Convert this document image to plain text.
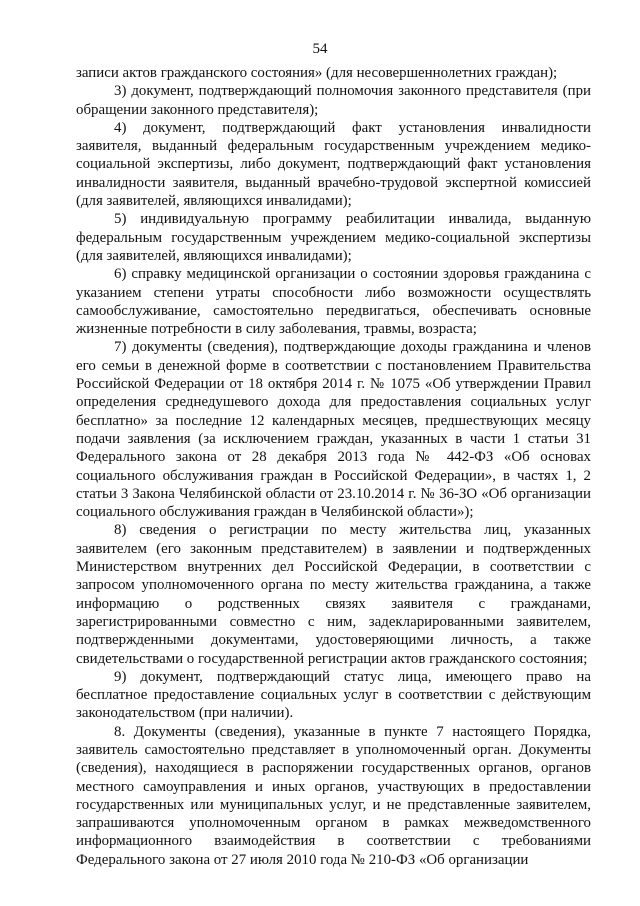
54

записи актов гражданского состояния» (для несовершеннолетних граждан);

3) документ, подтверждающий полномочия законного представителя (при обращении законного представителя);

4) документ, подтверждающий факт установления инвалидности заявителя, выданный федеральным государственным учреждением медико-социальной экспертизы, либо документ, подтверждающий факт установления инвалидности заявителя, выданный врачебно-трудовой экспертной комиссией (для заявителей, являющихся инвалидами);

5) индивидуальную программу реабилитации инвалида, выданную федеральным государственным учреждением медико-социальной экспертизы (для заявителей, являющихся инвалидами);

6) справку медицинской организации о состоянии здоровья гражданина с указанием степени утраты способности либо возможности осуществлять самообслуживание, самостоятельно передвигаться, обеспечивать основные жизненные потребности в силу заболевания, травмы, возраста;

7) документы (сведения), подтверждающие доходы гражданина и членов его семьи в денежной форме в соответствии с постановлением Правительства Российской Федерации от 18 октября 2014 г. № 1075 «Об утверждении Правил определения среднедушевого дохода для предоставления социальных услуг бесплатно» за последние 12 календарных месяцев, предшествующих месяцу подачи заявления (за исключением граждан, указанных в части 1 статьи 31 Федерального закона от 28 декабря 2013 года № 442-ФЗ «Об основах социального обслуживания граждан в Российской Федерации», в частях 1, 2 статьи 3 Закона Челябинской области от 23.10.2014 г. № 36-ЗО «Об организации социального обслуживания граждан в Челябинской области»);

8) сведения о регистрации по месту жительства лиц, указанных заявителем (его законным представителем) в заявлении и подтвержденных Министерством внутренних дел Российской Федерации, в соответствии с запросом уполномоченного органа по месту жительства гражданина, а также информацию о родственных связях заявителя с гражданами, зарегистрированными совместно с ним, задекларированными заявителем, подтвержденными документами, удостоверяющими личность, а также свидетельствами о государственной регистрации актов гражданского состояния;

9) документ, подтверждающий статус лица, имеющего право на бесплатное предоставление социальных услуг в соответствии с действующим законодательством (при наличии).

8. Документы (сведения), указанные в пункте 7 настоящего Порядка, заявитель самостоятельно представляет в уполномоченный орган. Документы (сведения), находящиеся в распоряжении государственных органов, органов местного самоуправления и иных органов, участвующих в предоставлении государственных или муниципальных услуг, и не представленные заявителем, запрашиваются уполномоченным органом в рамках межведомственного информационного взаимодействия в соответствии с требованиями Федерального закона от 27 июля 2010 года № 210-ФЗ «Об организации
